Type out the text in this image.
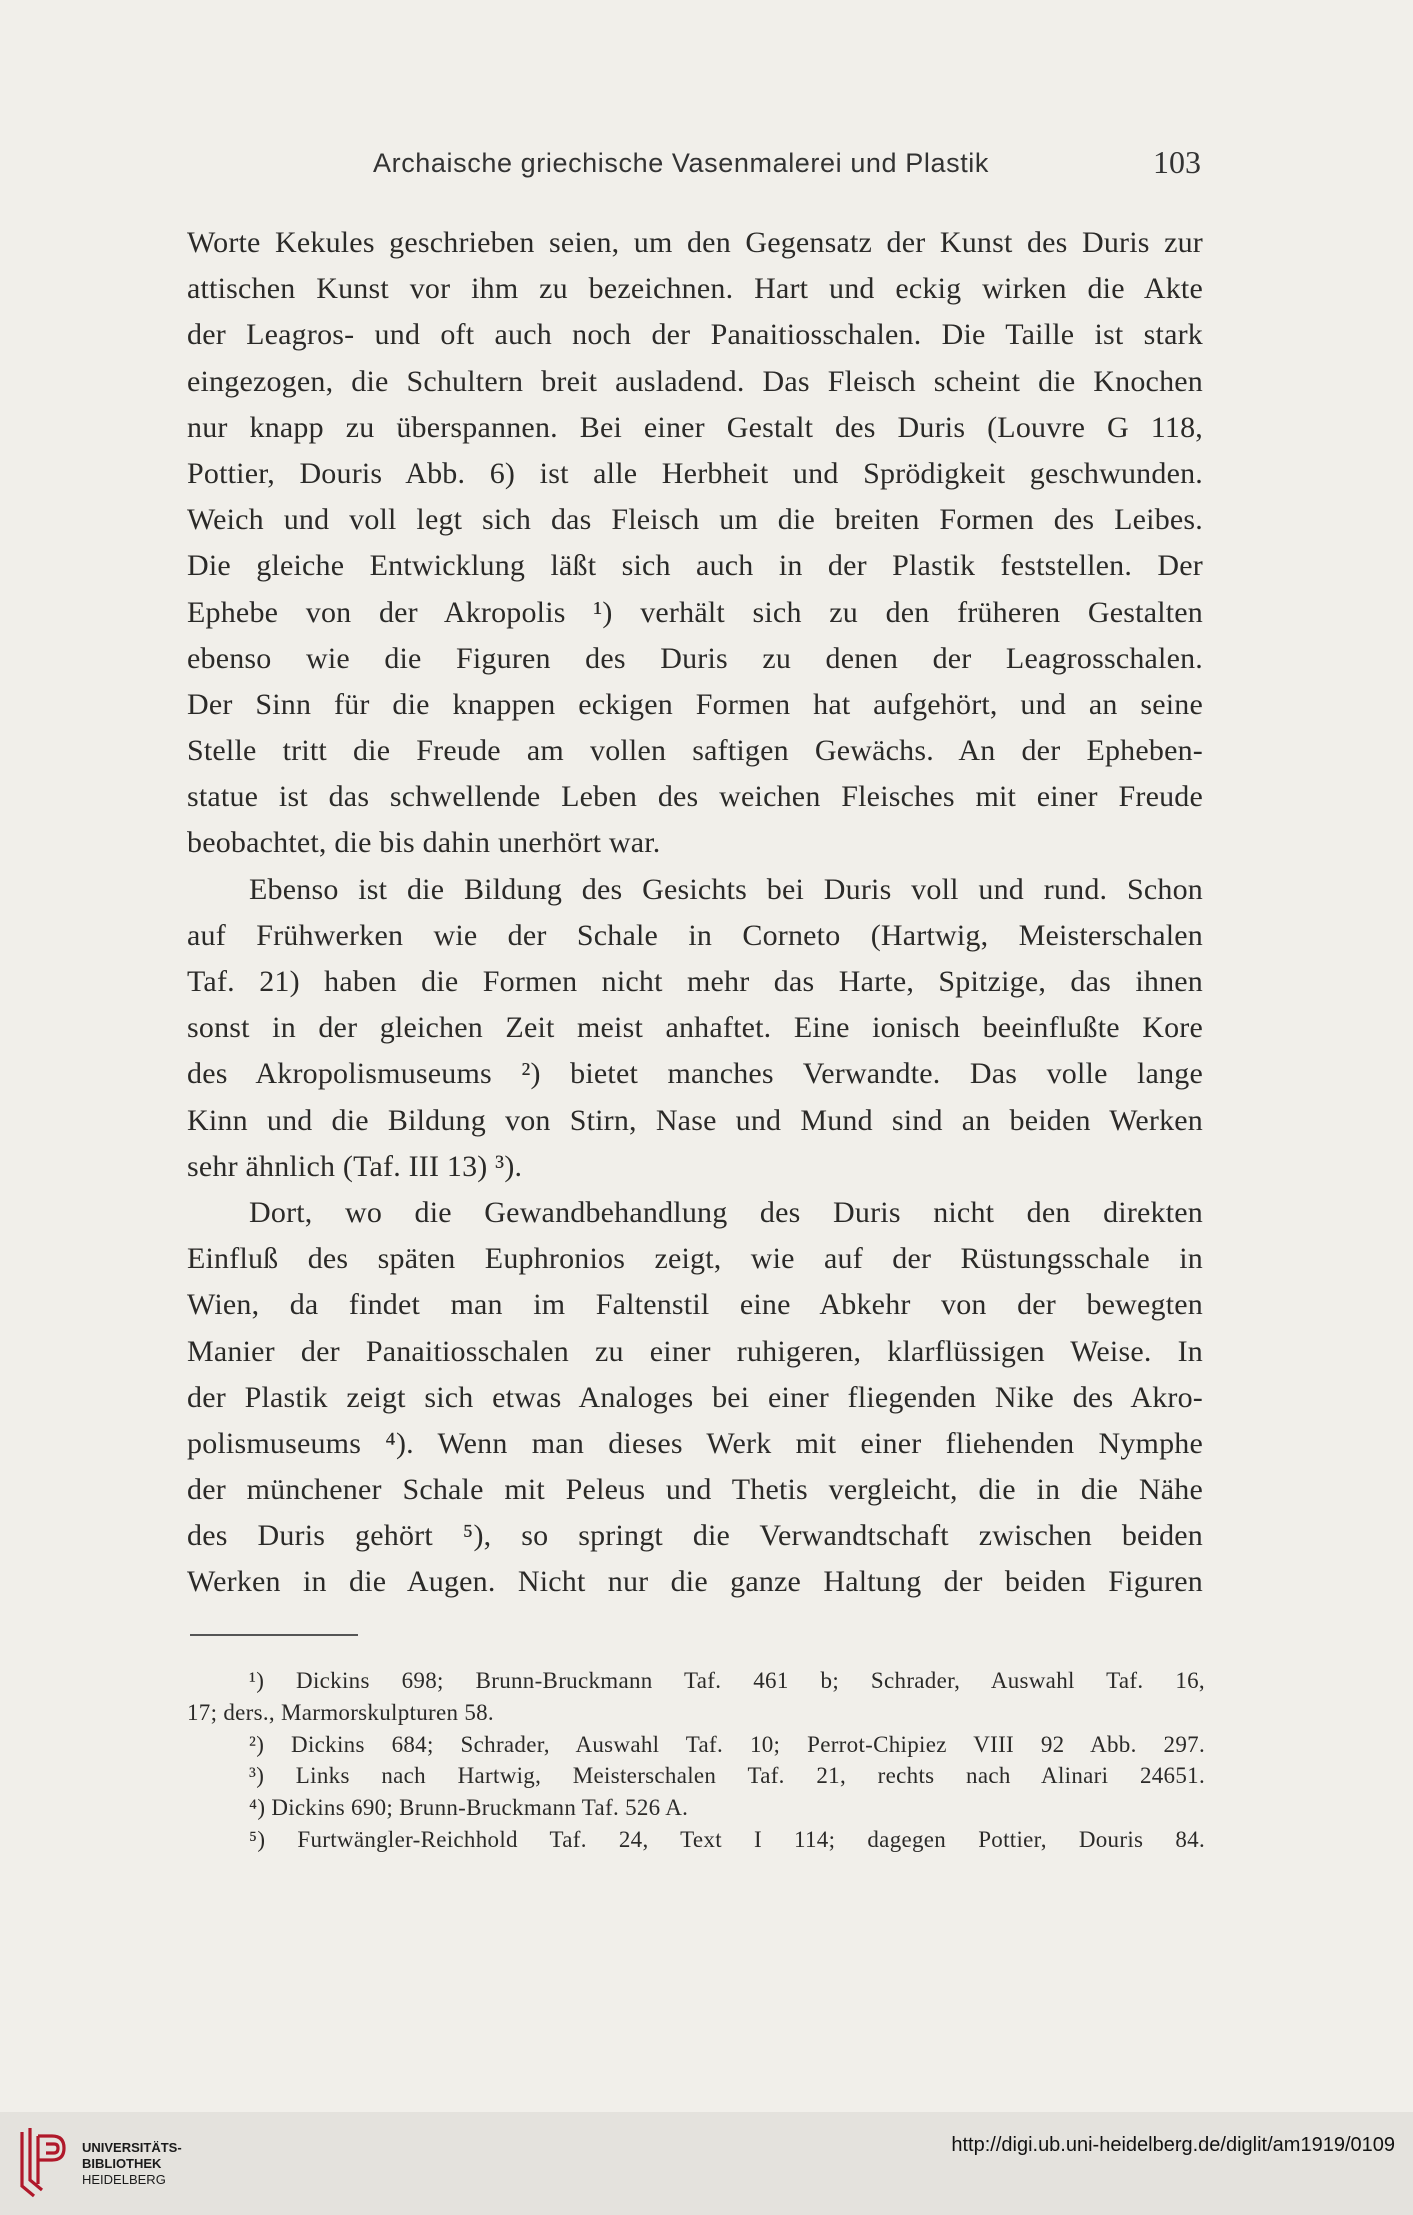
Archaische griechische Vasenmalerei und Plastik	103
Worte Kekules geschrieben seien, um den Gegensatz der Kunst des Duris zur
attischen Kunst vor ihm zu bezeichnen. Hart und eckig wirken die Akte
der Leagros- und oft auch noch der Panaitiosschalen. Die Taille ist stark
eingezogen, die Schultern breit ausladend. Das Fleisch scheint die Knochen
nur knapp zu überspannen. Bei einer Gestalt des Duris (Louvre G 118,
Pottier, Douris Abb. 6) ist alle Herbheit und Sprödigkeit geschwunden.
Weich und voll legt sich das Fleisch um die breiten Formen des Leibes.
Die gleiche Entwicklung läßt sich auch in der Plastik feststellen. Der
Ephebe von der Akropolis ¹) verhält sich zu den früheren Gestalten
ebenso wie die Figuren des Duris zu denen der Leagrosschalen.
Der Sinn für die knappen eckigen Formen hat aufgehört, und an seine
Stelle tritt die Freude am vollen saftigen Gewächs. An der Epheben-
statue ist das schwellende Leben des weichen Fleisches mit einer Freude
beobachtet, die bis dahin unerhört war.
Ebenso ist die Bildung des Gesichts bei Duris voll und rund. Schon
auf Frühwerken wie der Schale in Corneto (Hartwig, Meisterschalen
Taf. 21) haben die Formen nicht mehr das Harte, Spitzige, das ihnen
sonst in der gleichen Zeit meist anhaftet. Eine ionisch beeinflußte Kore
des Akropolismuseums ²) bietet manches Verwandte. Das volle lange
Kinn und die Bildung von Stirn, Nase und Mund sind an beiden Werken
sehr ähnlich (Taf. III 13) ³).
Dort, wo die Gewandbehandlung des Duris nicht den direkten
Einfluß des späten Euphronios zeigt, wie auf der Rüstungsschale in
Wien, da findet man im Faltenstil eine Abkehr von der bewegten
Manier der Panaitiosschalen zu einer ruhigeren, klarflüssigen Weise. In
der Plastik zeigt sich etwas Analoges bei einer fliegenden Nike des Akro-
polismuseums ⁴). Wenn man dieses Werk mit einer fliehenden Nymphe
der münchener Schale mit Peleus und Thetis vergleicht, die in die Nähe
des Duris gehört ⁵), so springt die Verwandtschaft zwischen beiden
Werken in die Augen. Nicht nur die ganze Haltung der beiden Figuren
¹) Dickins 698; Brunn-Bruckmann Taf. 461 b; Schrader, Auswahl Taf. 16,
17; ders., Marmorskulpturen 58.
²) Dickins 684; Schrader, Auswahl Taf. 10; Perrot-Chipiez VIII 92 Abb. 297.
³) Links nach Hartwig, Meisterschalen Taf. 21, rechts nach Alinari 24651.
⁴) Dickins 690; Brunn-Bruckmann Taf. 526 A.
⁵) Furtwängler-Reichhold Taf. 24, Text I 114; dagegen Pottier, Douris 84.
UNIVERSITÄTS-
BIBLIOTHEK
HEIDELBERG
http://digi.ub.uni-heidelberg.de/diglit/am1919/0109
